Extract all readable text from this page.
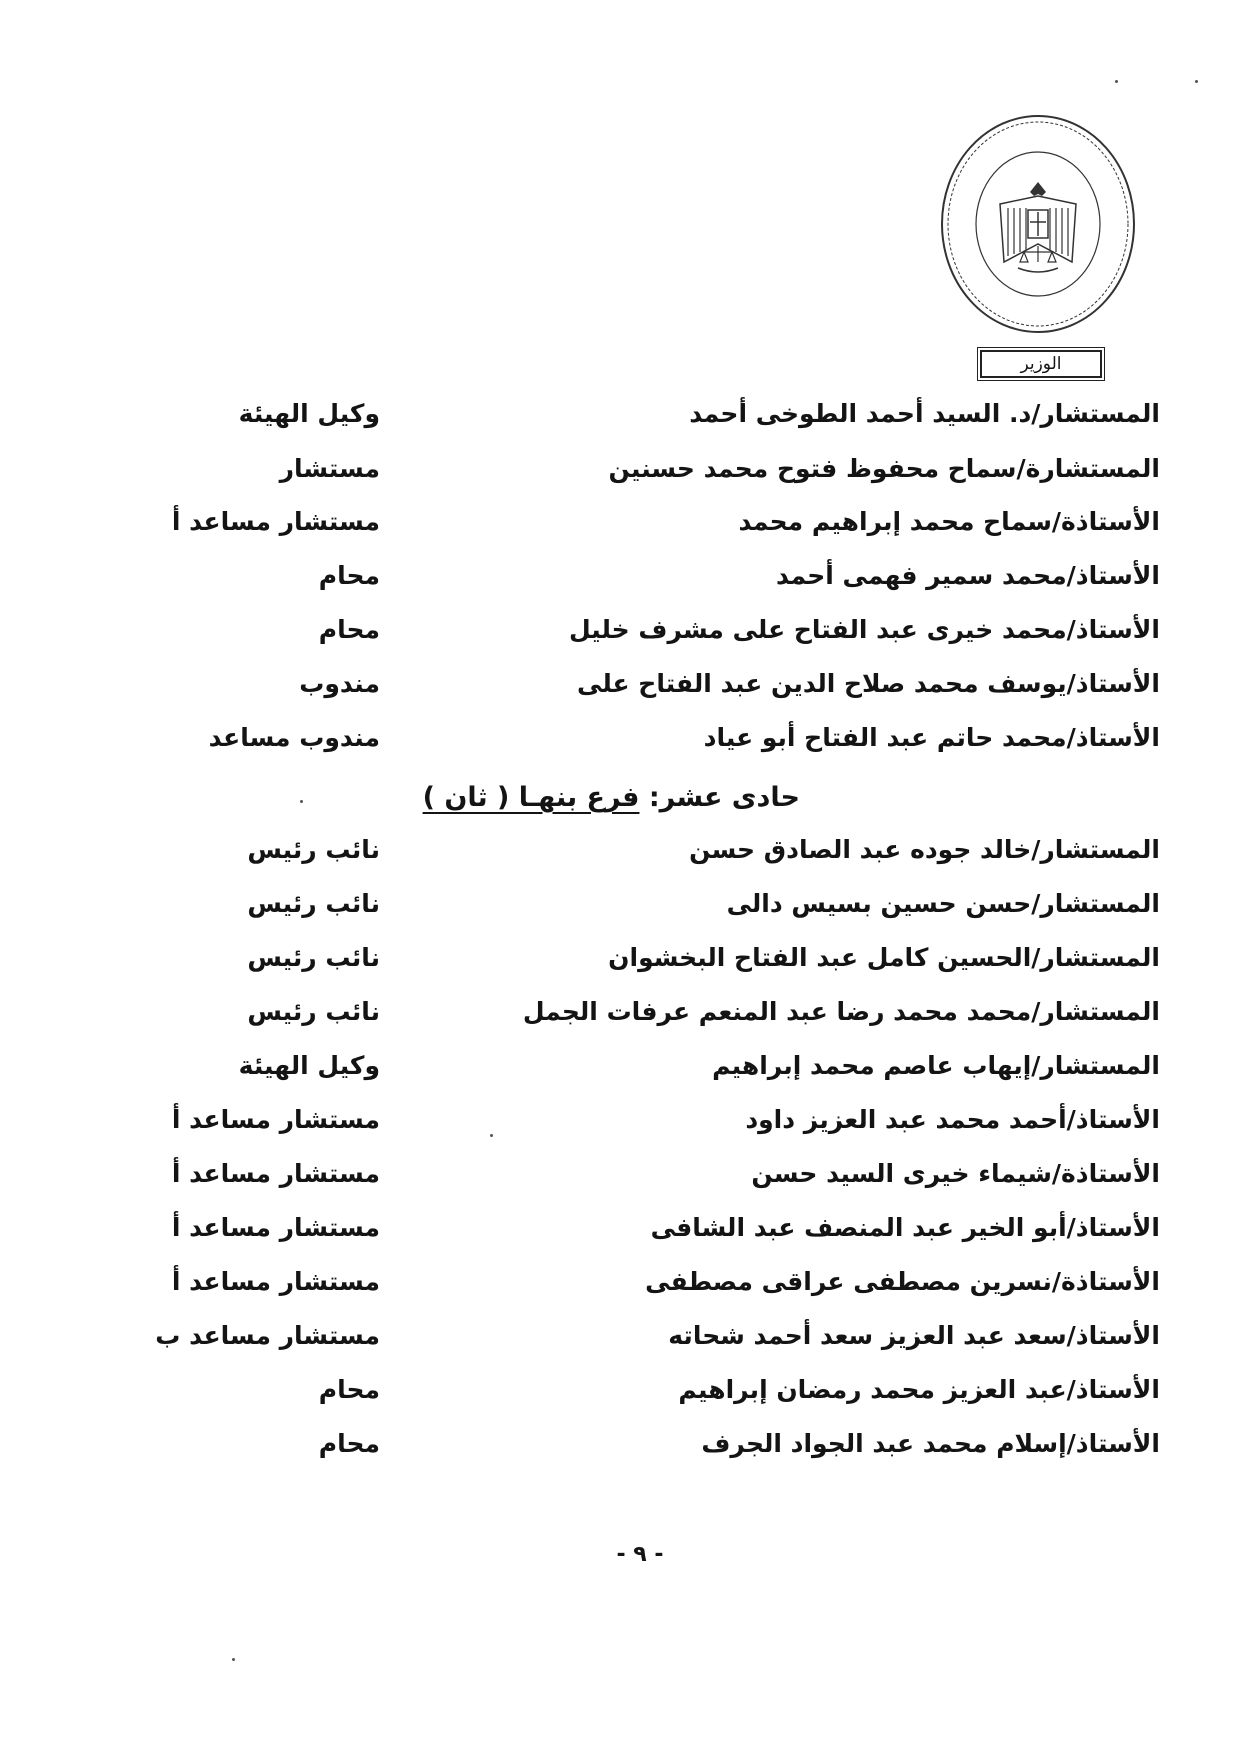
الوزير
المستشار/د. السيد أحمد الطوخى أحمد
وكيل الهيئة
المستشارة/سماح محفوظ فتوح محمد حسنين
مستشار
الأستاذة/سماح محمد إبراهيم محمد
مستشار مساعد أ
الأستاذ/محمد سمير فهمى أحمد
محام
الأستاذ/محمد خيرى عبد الفتاح على مشرف خليل
محام
الأستاذ/يوسف محمد صلاح الدين عبد الفتاح على
مندوب
الأستاذ/محمد حاتم عبد الفتاح أبو عياد
مندوب مساعد
حادى عشر: فرع بنهـا ( ثان )
المستشار/خالد جوده عبد الصادق حسن
نائب رئيس
المستشار/حسن حسين بسيس دالى
نائب رئيس
المستشار/الحسين كامل عبد الفتاح البخشوان
نائب رئيس
المستشار/محمد محمد رضا عبد المنعم عرفات الجمل
نائب رئيس
المستشار/إيهاب عاصم محمد إبراهيم
وكيل الهيئة
الأستاذ/أحمد محمد عبد العزيز داود
مستشار مساعد أ
الأستاذة/شيماء خيرى السيد حسن
مستشار مساعد أ
الأستاذ/أبو الخير عبد المنصف عبد الشافى
مستشار مساعد أ
الأستاذة/نسرين مصطفى عراقى مصطفى
مستشار مساعد أ
الأستاذ/سعد عبد العزيز سعد أحمد شحاته
مستشار مساعد ب
الأستاذ/عبد العزيز محمد رمضان إبراهيم
محام
الأستاذ/إسلام محمد عبد الجواد الجرف
محام
- ٩ -
